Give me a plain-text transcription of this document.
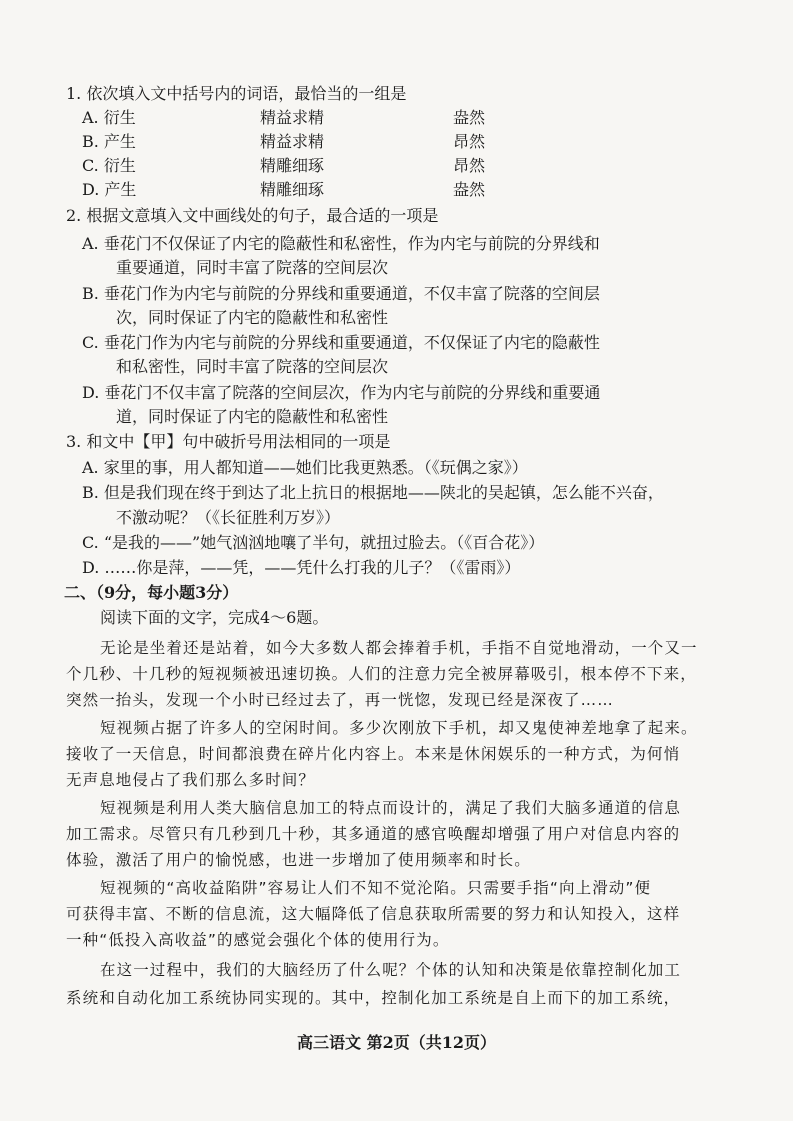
1. 依次填入文中括号内的词语，最恰当的一组是
A. 衍生	精益求精	盎然
B. 产生	精益求精	昂然
C. 衍生	精雕细琢	昂然
D. 产生	精雕细琢	盎然
2. 根据文意填入文中画线处的句子，最合适的一项是
A. 垂花门不仅保证了内宅的隐蔽性和私密性，作为内宅与前院的分界线和
重要通道，同时丰富了院落的空间层次
B. 垂花门作为内宅与前院的分界线和重要通道，不仅丰富了院落的空间层
次，同时保证了内宅的隐蔽性和私密性
C. 垂花门作为内宅与前院的分界线和重要通道，不仅保证了内宅的隐蔽性
和私密性，同时丰富了院落的空间层次
D. 垂花门不仅丰富了院落的空间层次，作为内宅与前院的分界线和重要通
道，同时保证了内宅的隐蔽性和私密性
3. 和文中【甲】句中破折号用法相同的一项是
A. 家里的事，用人都知道——她们比我更熟悉。（《玩偶之家》）
B. 但是我们现在终于到达了北上抗日的根据地——陕北的吴起镇，怎么能不兴奋，
不激动呢？（《长征胜利万岁》）
C. “是我的——”她气汹汹地嚷了半句，就扭过脸去。（《百合花》）
D. ……你是萍，——凭，——凭什么打我的儿子？（《雷雨》）
二、（9分，每小题3分）
阅读下面的文字，完成4～6题。
无论是坐着还是站着，如今大多数人都会捧着手机，手指不自觉地滑动，一个又一
个几秒、十几秒的短视频被迅速切换。人们的注意力完全被屏幕吸引，根本停不下来，
突然一抬头，发现一个小时已经过去了，再一恍惚，发现已经是深夜了……
短视频占据了许多人的空闲时间。多少次刚放下手机，却又鬼使神差地拿了起来。
接收了一天信息，时间都浪费在碎片化内容上。本来是休闲娱乐的一种方式，为何悄
无声息地侵占了我们那么多时间？
短视频是利用人类大脑信息加工的特点而设计的，满足了我们大脑多通道的信息
加工需求。尽管只有几秒到几十秒，其多通道的感官唤醒却增强了用户对信息内容的
体验，激活了用户的愉悦感，也进一步增加了使用频率和时长。
短视频的“高收益陷阱”容易让人们不知不觉沦陷。只需要手指“向上滑动”便
可获得丰富、不断的信息流，这大幅降低了信息获取所需要的努力和认知投入，这样
一种“低投入高收益”的感觉会强化个体的使用行为。
在这一过程中，我们的大脑经历了什么呢？个体的认知和决策是依靠控制化加工
系统和自动化加工系统协同实现的。其中，控制化加工系统是自上而下的加工系统，
高三语文 第2页（共12页）
